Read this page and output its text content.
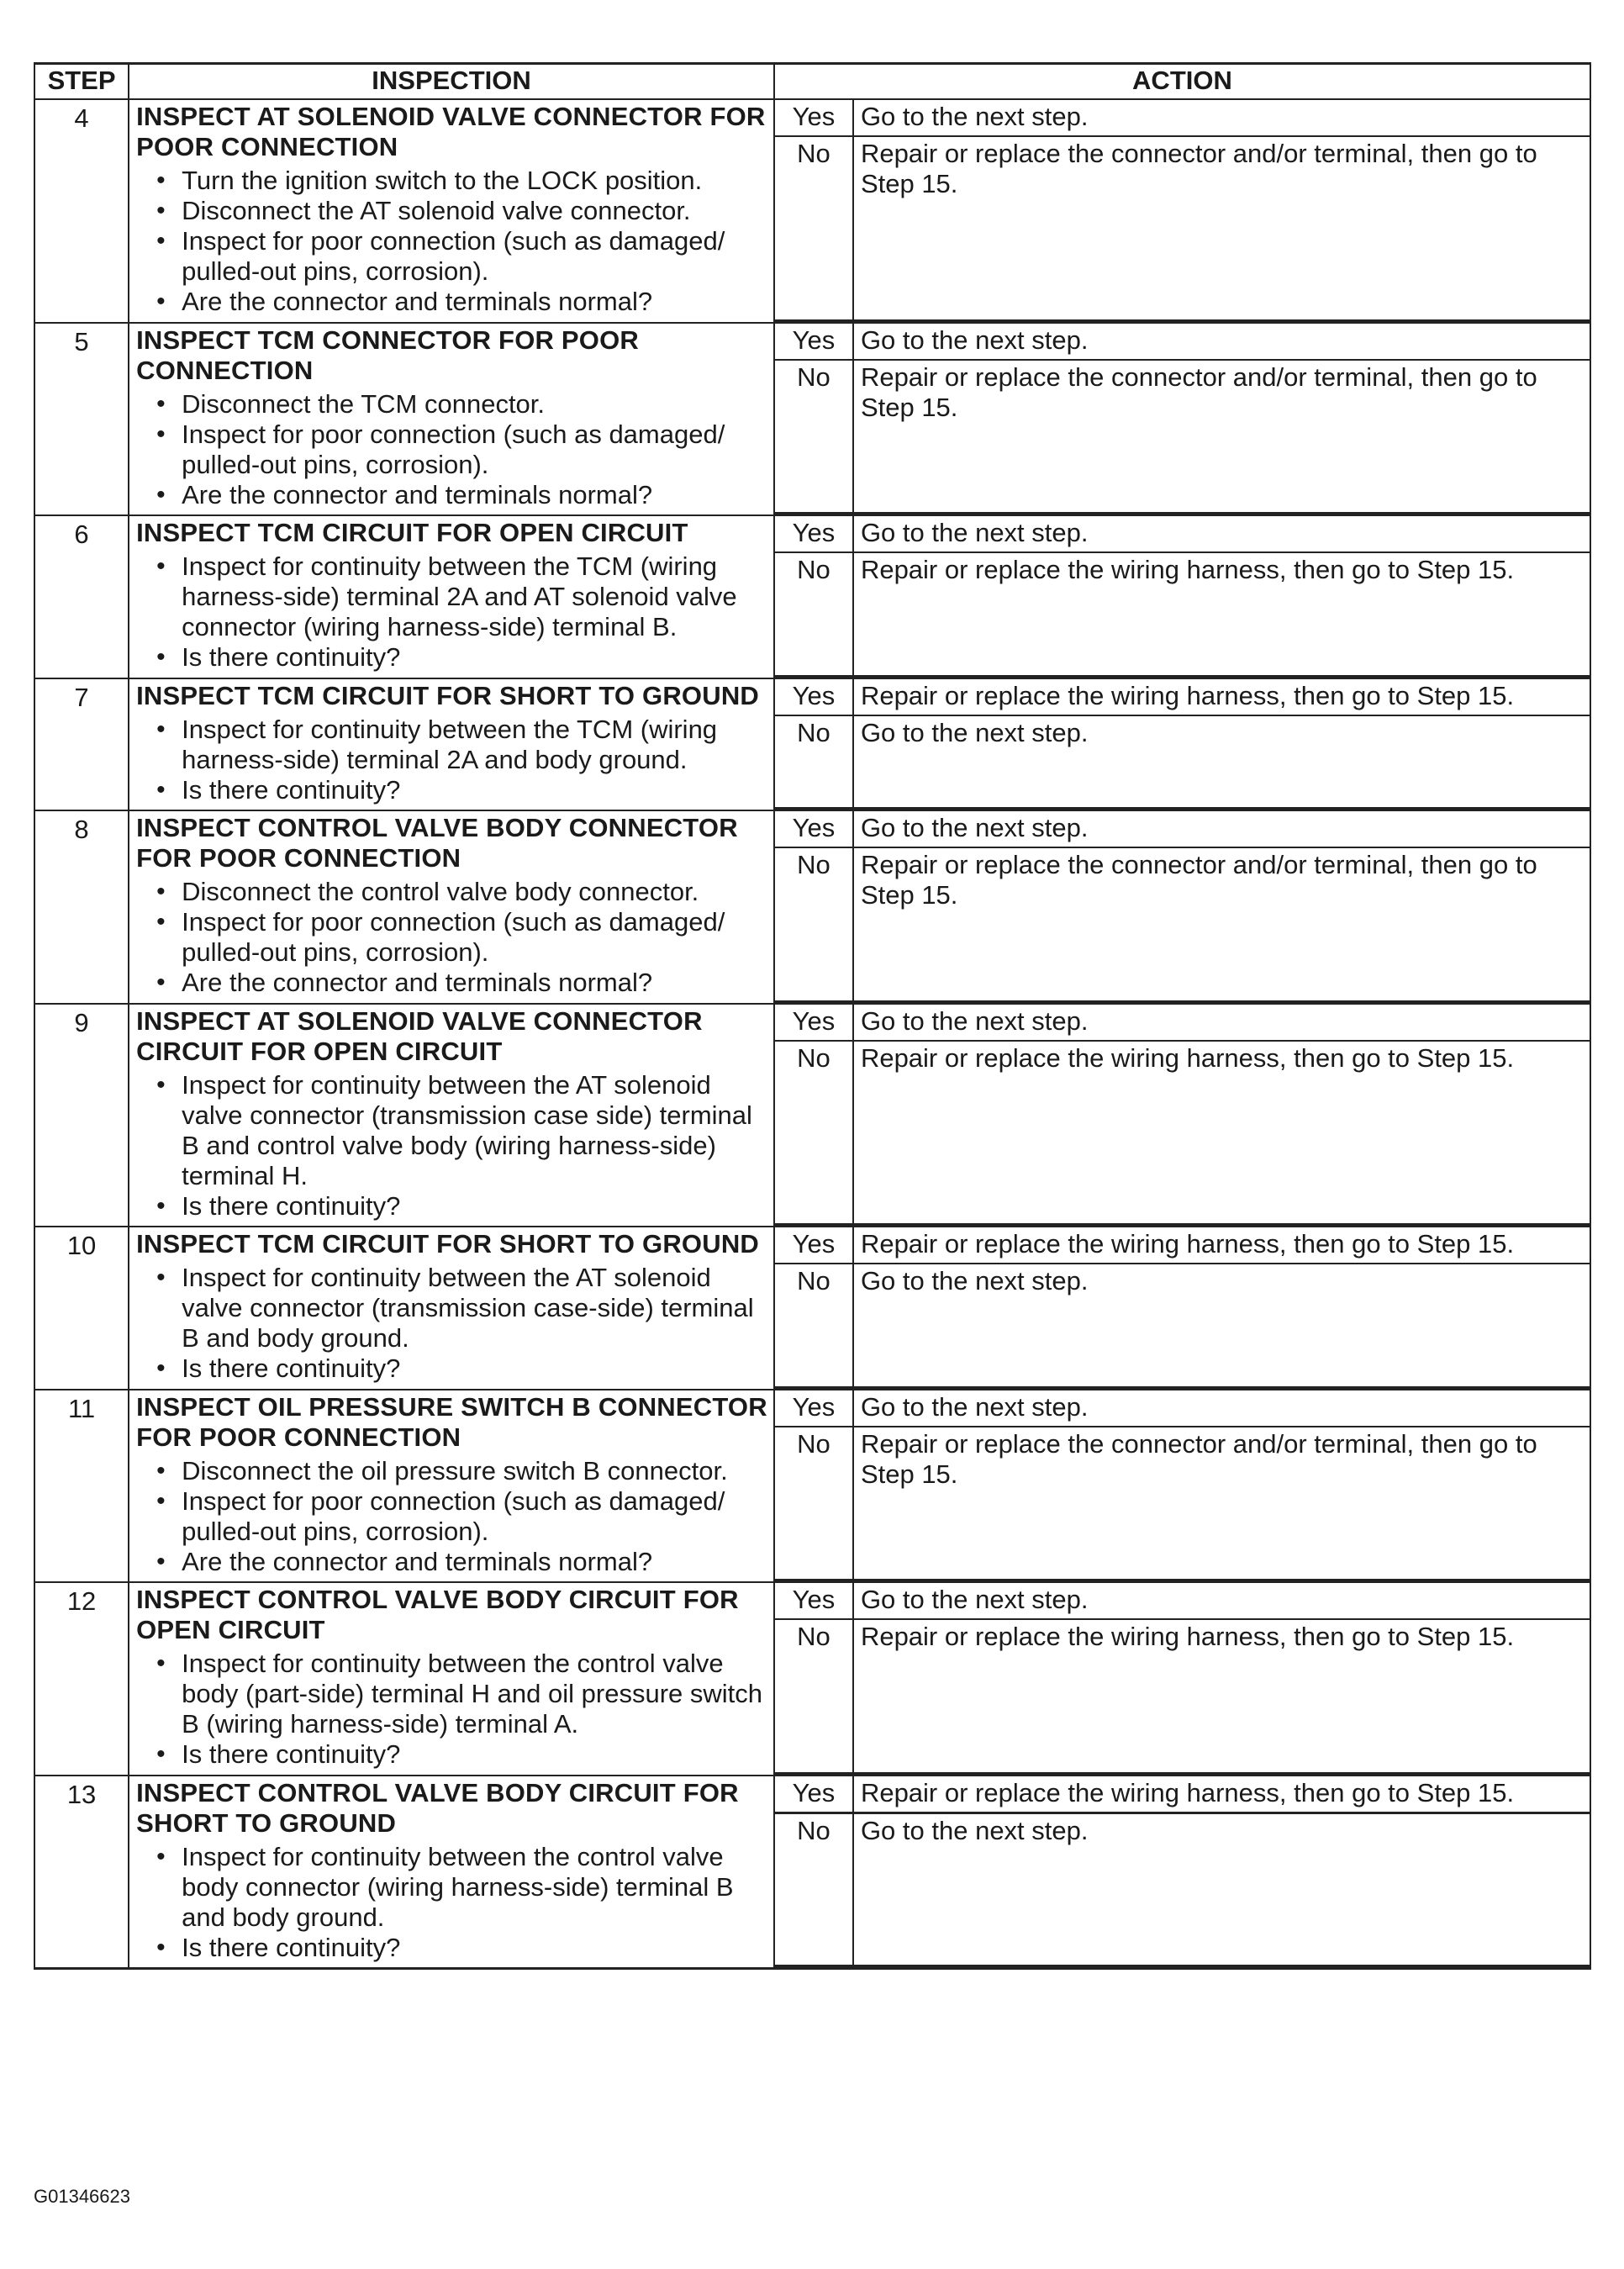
STEP	INSPECTION	ACTION
4	INSPECT AT SOLENOID VALVE CONNECTOR FOR POOR CONNECTION
• Turn the ignition switch to the LOCK position.
• Disconnect the AT solenoid valve connector.
• Inspect for poor connection (such as damaged/ pulled-out pins, corrosion).
• Are the connector and terminals normal?

Yes	Go to the next step.
No	Repair or replace the connector and/or terminal, then go to Step 15.

5	INSPECT TCM CONNECTOR FOR POOR CONNECTION
• Disconnect the TCM connector.
• Inspect for poor connection (such as damaged/ pulled-out pins, corrosion).
• Are the connector and terminals normal?

Yes	Go to the next step.
No	Repair or replace the connector and/or terminal, then go to Step 15.

6	INSPECT TCM CIRCUIT FOR OPEN CIRCUIT
• Inspect for continuity between the TCM (wiring harness-side) terminal 2A and AT solenoid valve connector (wiring harness-side) terminal B.
• Is there continuity?

Yes	Go to the next step.
No	Repair or replace the wiring harness, then go to Step 15.

7	INSPECT TCM CIRCUIT FOR SHORT TO GROUND
• Inspect for continuity between the TCM (wiring harness-side) terminal 2A and body ground.
• Is there continuity?

Yes	Repair or replace the wiring harness, then go to Step 15.
No	Go to the next step.

8	INSPECT CONTROL VALVE BODY CONNECTOR FOR POOR CONNECTION
• Disconnect the control valve body connector.
• Inspect for poor connection (such as damaged/ pulled-out pins, corrosion).
• Are the connector and terminals normal?

Yes	Go to the next step.
No	Repair or replace the connector and/or terminal, then go to Step 15.

9	INSPECT AT SOLENOID VALVE CONNECTOR CIRCUIT FOR OPEN CIRCUIT
• Inspect for continuity between the AT solenoid valve connector (transmission case side) terminal B and control valve body (wiring harness-side) terminal H.
• Is there continuity?

Yes	Go to the next step.
No	Repair or replace the wiring harness, then go to Step 15.

10	INSPECT TCM CIRCUIT FOR SHORT TO GROUND
• Inspect for continuity between the AT solenoid valve connector (transmission case-side) terminal B and body ground.
• Is there continuity?

Yes	Repair or replace the wiring harness, then go to Step 15.
No	Go to the next step.

11	INSPECT OIL PRESSURE SWITCH B CONNECTOR FOR POOR CONNECTION
• Disconnect the oil pressure switch B connector.
• Inspect for poor connection (such as damaged/ pulled-out pins, corrosion).
• Are the connector and terminals normal?

Yes	Go to the next step.
No	Repair or replace the connector and/or terminal, then go to Step 15.

12	INSPECT CONTROL VALVE BODY CIRCUIT FOR OPEN CIRCUIT
• Inspect for continuity between the control valve body (part-side) terminal H and oil pressure switch B (wiring harness-side) terminal A.
• Is there continuity?

Yes	Go to the next step.
No	Repair or replace the wiring harness, then go to Step 15.

13	INSPECT CONTROL VALVE BODY CIRCUIT FOR SHORT TO GROUND
• Inspect for continuity between the control valve body connector (wiring harness-side) terminal B and body ground.
• Is there continuity?

Yes	Repair or replace the wiring harness, then go to Step 15.
No	Go to the next step.
G01346623
